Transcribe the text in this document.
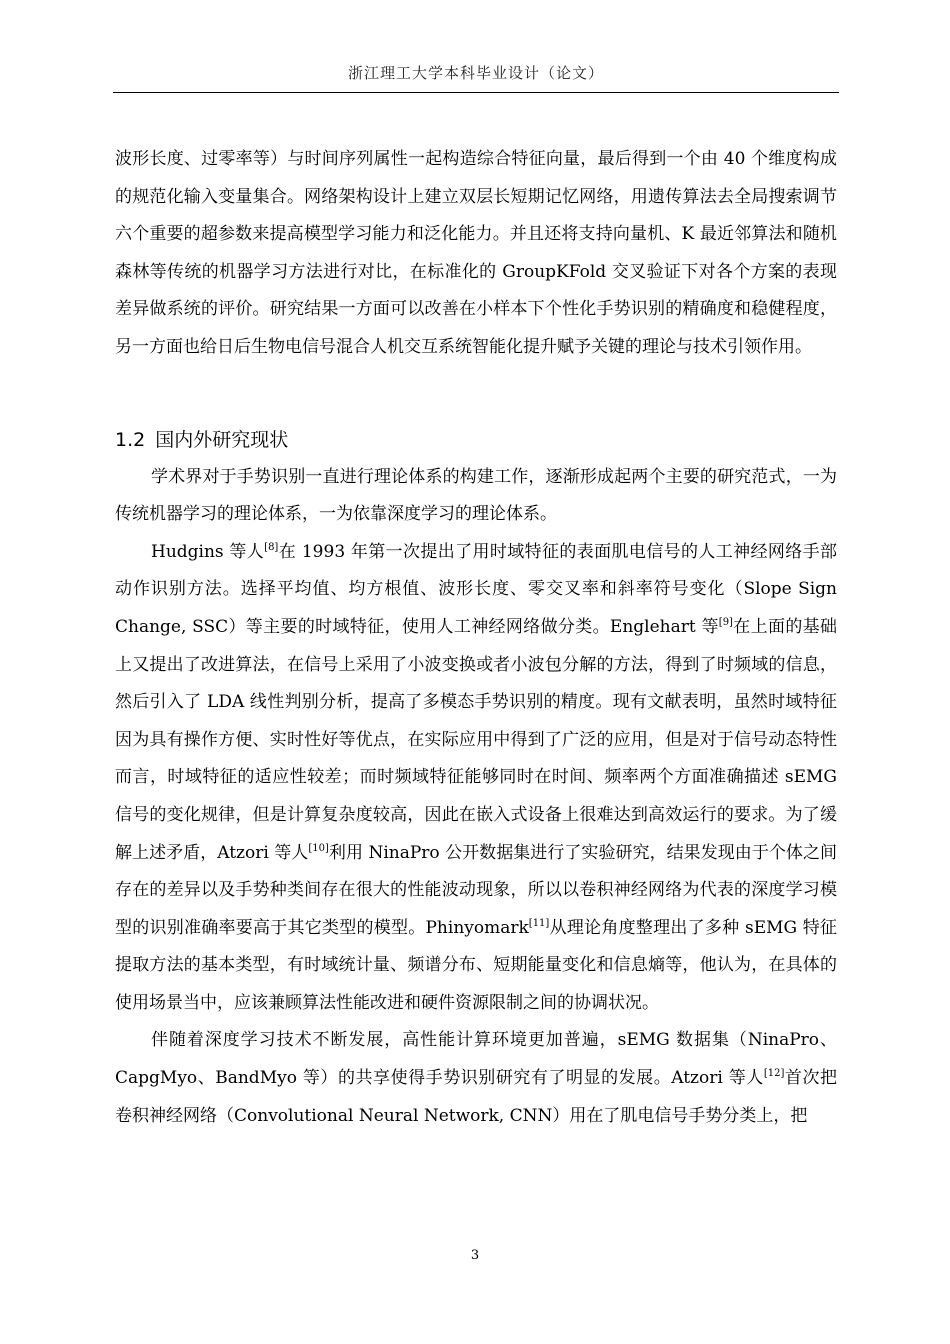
浙江理工大学本科毕业设计（论文）

波形长度、过零率等）与时间序列属性一起构造综合特征向量，最后得到一个由 40 个维度构成的规范化输入变量集合。网络架构设计上建立双层长短期记忆网络，用遗传算法去全局搜索调节六个重要的超参数来提高模型学习能力和泛化能力。并且还将支持向量机、K 最近邻算法和随机森林等传统的机器学习方法进行对比，在标准化的 GroupKFold 交叉验证下对各个方案的表现差异做系统的评价。研究结果一方面可以改善在小样本下个性化手势识别的精确度和稳健程度，另一方面也给日后生物电信号混合人机交互系统智能化提升赋予关键的理论与技术引领作用。

1.2 国内外研究现状

学术界对于手势识别一直进行理论体系的构建工作，逐渐形成起两个主要的研究范式，一为传统机器学习的理论体系，一为依靠深度学习的理论体系。

Hudgins 等人[8]在 1993 年第一次提出了用时域特征的表面肌电信号的人工神经网络手部动作识别方法。选择平均值、均方根值、波形长度、零交叉率和斜率符号变化（Slope Sign Change, SSC）等主要的时域特征，使用人工神经网络做分类。Englehart 等[9]在上面的基础上又提出了改进算法，在信号上采用了小波变换或者小波包分解的方法，得到了时频域的信息，然后引入了 LDA 线性判别分析，提高了多模态手势识别的精度。现有文献表明，虽然时域特征因为具有操作方便、实时性好等优点，在实际应用中得到了广泛的应用，但是对于信号动态特性而言，时域特征的适应性较差；而时频域特征能够同时在时间、频率两个方面准确描述 sEMG 信号的变化规律，但是计算复杂度较高，因此在嵌入式设备上很难达到高效运行的要求。为了缓解上述矛盾，Atzori 等人[10]利用 NinaPro 公开数据集进行了实验研究，结果发现由于个体之间存在的差异以及手势种类间存在很大的性能波动现象，所以以卷积神经网络为代表的深度学习模型的识别准确率要高于其它类型的模型。Phinyomark[11]从理论角度整理出了多种 sEMG 特征提取方法的基本类型，有时域统计量、频谱分布、短期能量变化和信息熵等，他认为，在具体的使用场景当中，应该兼顾算法性能改进和硬件资源限制之间的协调状况。

伴随着深度学习技术不断发展，高性能计算环境更加普遍，sEMG 数据集（NinaPro、CapgMyo、BandMyo 等）的共享使得手势识别研究有了明显的发展。Atzori 等人[12]首次把卷积神经网络（Convolutional Neural Network, CNN）用在了肌电信号手势分类上，把

3
